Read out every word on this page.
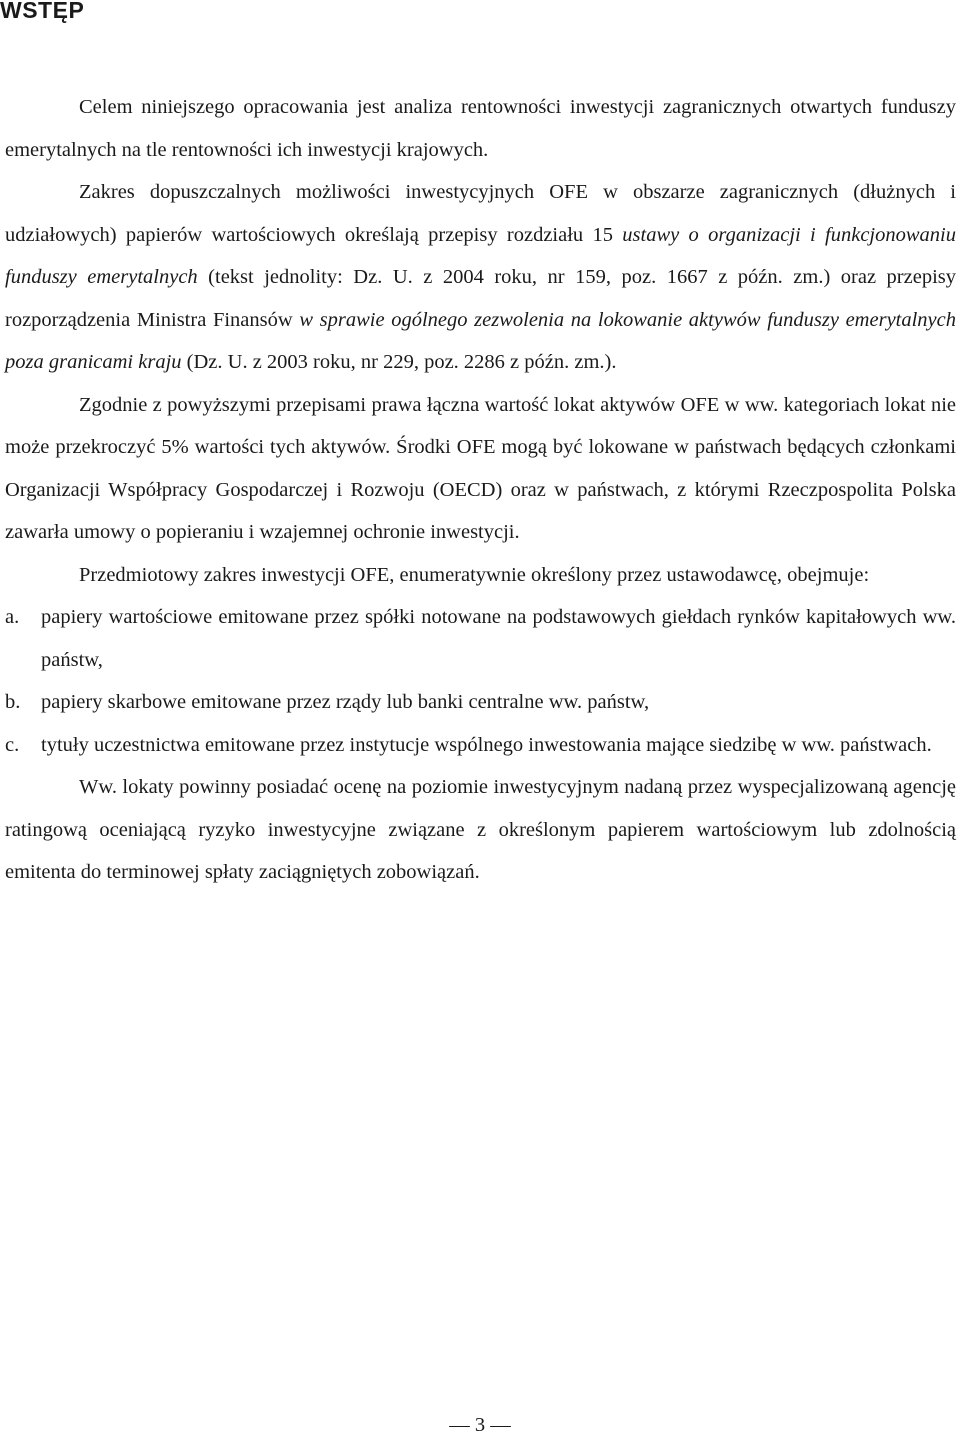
WSTĘP

Celem niniejszego opracowania jest analiza rentowności inwestycji zagranicznych otwartych funduszy emerytalnych na tle rentowności ich inwestycji krajowych.

Zakres dopuszczalnych możliwości inwestycyjnych OFE w obszarze zagranicznych (dłużnych i udziałowych) papierów wartościowych określają przepisy rozdziału 15 ustawy o organizacji i funkcjonowaniu funduszy emerytalnych (tekst jednolity: Dz. U. z 2004 roku, nr 159, poz. 1667 z późn. zm.) oraz przepisy rozporządzenia Ministra Finansów w sprawie ogólnego zezwolenia na lokowanie aktywów funduszy emerytalnych poza granicami kraju (Dz. U. z 2003 roku, nr 229, poz. 2286 z późn. zm.).

Zgodnie z powyższymi przepisami prawa łączna wartość lokat aktywów OFE w ww. kategoriach lokat nie może przekroczyć 5% wartości tych aktywów. Środki OFE mogą być lokowane w państwach będących członkami Organizacji Współpracy Gospodarczej i Rozwoju (OECD) oraz w państwach, z którymi Rzeczpospolita Polska zawarła umowy o popieraniu i wzajemnej ochronie inwestycji.

Przedmiotowy zakres inwestycji OFE, enumeratywnie określony przez ustawodawcę, obejmuje:

a. papiery wartościowe emitowane przez spółki notowane na podstawowych giełdach rynków kapitałowych ww. państw,
b. papiery skarbowe emitowane przez rządy lub banki centralne ww. państw,
c. tytuły uczestnictwa emitowane przez instytucje wspólnego inwestowania mające siedzibę w ww. państwach.

Ww. lokaty powinny posiadać ocenę na poziomie inwestycyjnym nadaną przez wyspecjalizowaną agencję ratingową oceniającą ryzyko inwestycyjne związane z określonym papierem wartościowym lub zdolnością emitenta do terminowej spłaty zaciągniętych zobowiązań.

— 3 —
